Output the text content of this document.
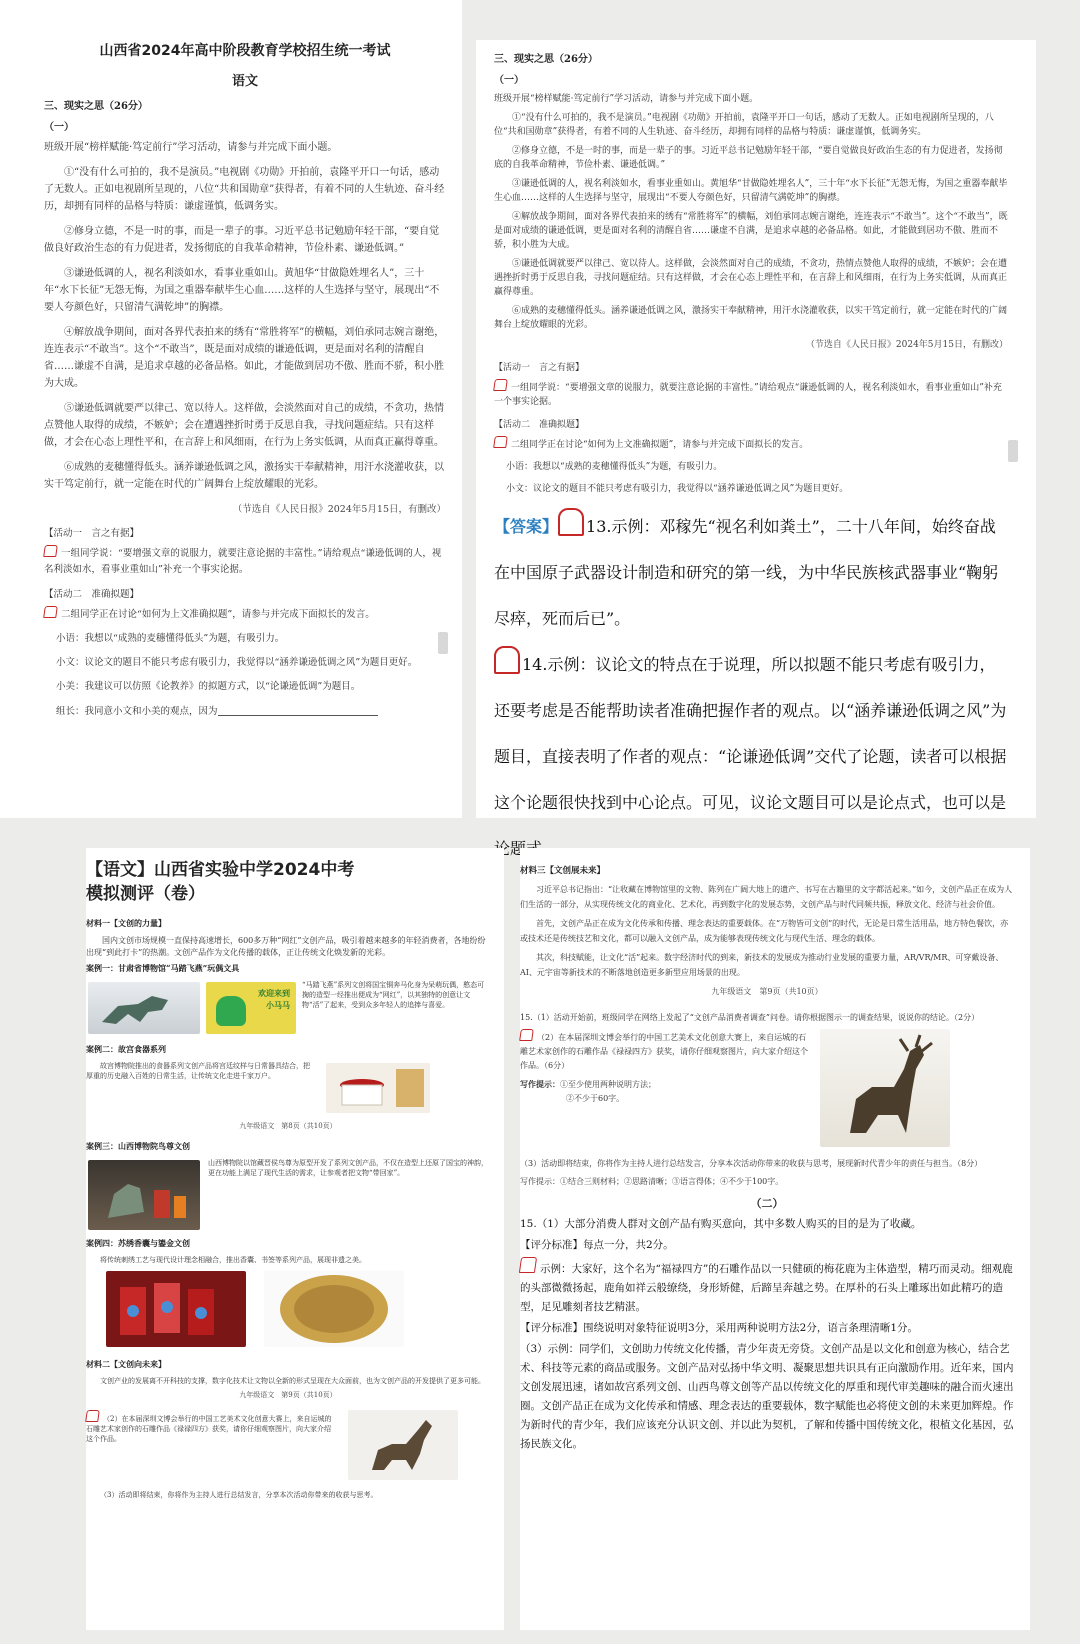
山西省2024年高中阶段教育学校招生统一考试
语文
三、现实之思（26分）
（一）

班级开展“榜样赋能·笃定前行”学习活动，请参与并完成下面小题。

①“没有什么可拍的，我不是演员。”电视剧《功勋》开拍前，袁隆平开口一句话，感动了无数人。正如电视剧所呈现的，八位“共和国勋章”获得者，有着不同的人生轨迹、奋斗经历，却拥有同样的品格与特质：谦虚谨慎，低调务实。

②修身立德，不是一时的事，而是一辈子的事。习近平总书记勉励年轻干部，“要自觉做良好政治生态的有力促进者，发扬彻底的自我革命精神，节俭朴素、谦逊低调。”

③谦逊低调的人，视名利淡如水，看事业重如山。黄旭华“甘做隐姓埋名人”，三十年“水下长征”无怨无悔，为国之重器奉献毕生心血……这样的人生选择与坚守，展现出“不要人夸颜色好，只留清气满乾坤”的胸襟。

④解放战争期间，面对各界代表拍来的绣有“常胜将军”的横幅，刘伯承同志婉言谢绝，连连表示“不敢当”。这个“不敢当”，既是面对成绩的谦逊低调，更是面对名利的清醒自省……谦虚不自满，是追求卓越的必备品格。如此，才能做到居功不傲、胜而不骄，积小胜为大成。

⑤谦逊低调就要严以律己、宽以待人。这样做，会淡然面对自己的成绩，不贪功，热情点赞他人取得的成绩，不嫉妒；会在遭遇挫折时勇于反思自我，寻找问题症结。只有这样做，才会在心态上理性平和，在言辞上和风细雨，在行为上务实低调，从而真正赢得尊重。

⑥成熟的麦穗懂得低头。涵养谦逊低调之风，激扬实干奉献精神，用汗水浇灌收获，以实干笃定前行，就一定能在时代的广阔舞台上绽放耀眼的光彩。

（节选自《人民日报》2024年5月15日，有删改）
【活动一　言之有据】
一组同学说：“要增强文章的说服力，就要注意论据的丰富性。”请给观点“谦逊低调的人，视名利淡如水，看事业重如山”补充一个事实论据。
【活动二　准确拟题】
二组同学正在讨论“如何为上文准确拟题”，请参与并完成下面拟长的发言。
小语：我想以“成熟的麦穗懂得低头”为题，有吸引力。
小文：议论文的题目不能只考虑有吸引力，我觉得以“涵养谦逊低调之风”为题目更好。
小美：我建议可以仿照《论教养》的拟题方式，以“论谦逊低调”为题目。
组长：我同意小文和小美的观点，因为
三、现实之思（26分）
（一）

班级开展“榜样赋能·笃定前行”学习活动，请参与并完成下面小题。

①“没有什么可拍的，我不是演员。”电视剧《功勋》开拍前，袁隆平开口一句话，感动了无数人。正如电视剧所呈现的，八位“共和国勋章”获得者，有着不同的人生轨迹、奋斗经历，却拥有同样的品格与特质：谦虚谨慎，低调务实。

②修身立德，不是一时的事，而是一辈子的事。习近平总书记勉励年轻干部，“要自觉做良好政治生态的有力促进者，发扬彻底的自我革命精神，节俭朴素、谦逊低调。”

③谦逊低调的人，视名利淡如水，看事业重如山。黄旭华“甘做隐姓埋名人”，三十年“水下长征”无怨无悔，为国之重器奉献毕生心血……这样的人生选择与坚守，展现出“不要人夸颜色好，只留清气满乾坤”的胸襟。

④解放战争期间，面对各界代表拍来的绣有“常胜将军”的横幅，刘伯承同志婉言谢绝，连连表示“不敢当”。这个“不敢当”，既是面对成绩的谦逊低调，更是面对名利的清醒自省……谦虚不自满，是追求卓越的必备品格。如此，才能做到居功不傲、胜而不骄，积小胜为大成。

⑤谦逊低调就要严以律己、宽以待人。这样做，会淡然面对自己的成绩，不贪功，热情点赞他人取得的成绩，不嫉妒；会在遭遇挫折时勇于反思自我，寻找问题症结。只有这样做，才会在心态上理性平和，在言辞上和风细雨，在行为上务实低调，从而真正赢得尊重。

⑥成熟的麦穗懂得低头。涵养谦逊低调之风，激扬实干奉献精神，用汗水浇灌收获，以实干笃定前行，就一定能在时代的广阔舞台上绽放耀眼的光彩。

（节选自《人民日报》2024年5月15日，有删改）
【活动一　言之有据】
一组同学说：“要增强文章的说服力，就要注意论据的丰富性。”请给观点“谦逊低调的人，视名利淡如水，看事业重如山”补充一个事实论据。
【活动二　准确拟题】
二组同学正在讨论“如何为上文准确拟题”，请参与并完成下面拟长的发言。
小语：我想以“成熟的麦穗懂得低头”为题，有吸引力。
小文：议论文的题目不能只考虑有吸引力，我觉得以“涵养谦逊低调之风”为题目更好。
【答案】 13.示例：邓稼先“视名利如粪土”，二十八年间，始终奋战在中国原子武器设计制造和研究的第一线，为中华民族核武器事业“鞠躬尽瘁，死而后已”。
14.示例：议论文的特点在于说理，所以拟题不能只考虑有吸引力，还要考虑是否能帮助读者准确把握作者的观点。以“涵养谦逊低调之风”为题目，直接表明了作者的观点：“论谦逊低调”交代了论题，读者可以根据这个论题很快找到中心论点。可见，议论文题目可以是论点式，也可以是 题
【语文】山西省实验中学2024中考
模拟测评（卷）
材料一【文创的力量】

国内文创市场规模一直保持高速增长，600多万种“网红”文创产品，吸引着越来越多的年轻消费者，各地纷纷出现“到此打卡”的热潮。文创产品作为文化传播的载体，正让传统文化焕发新的光彩。

案例一：甘肃省博物馆“马踏飞燕”玩偶文具
欢迎来到
小马马

“马踏飞燕”系列文创将国宝铜奔马化身为呆萌玩偶，憨态可掬的造型一经推出便成为“网红”，以其独特的创意让文物“活”了起来，受到众多年轻人的追捧与喜爱。

案例二：故宫食器系列

故宫博物院推出的食器系列文创产品将宫廷纹样与日常器具结合，把厚重的历史融入百姓的日常生活，让传统文化走进千家万户。

九年级语文　第8页（共10页）
案例三：山西博物院鸟尊文创

山西博物院以馆藏晋侯鸟尊为原型开发了系列文创产品，不仅在造型上还原了国宝的神韵，更在功能上满足了现代生活的需求，让参观者把文物“带回家”。

案例四：苏绣香囊与鎏金文创

将传统刺绣工艺与现代设计理念相融合，推出香囊、书签等系列产品，展现非遗之美。

材料二【文创向未来】

文创产业的发展离不开科技的支撑，数字化技术让文物以全新的形式呈现在大众面前，也为文创产品的开发提供了更多可能。

九年级语文　第9页（共10页）

（2）在本届深圳文博会举行的中国工艺美术文化创意大赛上，来自运城的石雕艺术家创作的石雕作品《禄禄四方》获奖，请你仔细观察图片，向大家介绍这个作品。

（3）活动即将结束，你将作为主持人进行总结发言，分享本次活动你带来的收获与思考。

材料三【文创展未来】

习近平总书记指出：“让收藏在博物馆里的文物、陈列在广阔大地上的遗产、书写在古籍里的文字都活起来。”如今，文创产品正在成为人们生活的一部分，从实现传统文化的商业化、艺术化，再到数字化的发展态势，文创产品与时代同频共振，释放文化、经济与社会价值。

首先，文创产品正在成为文化传承和传播、理念表达的重要载体。在“万物皆可文创”的时代，无论是日常生活用品，地方特色餐饮，亦或技术还是传统技艺和文化，都可以融入文创产品，成为能够表现传统文化与现代生活、理念的载体。

其次，科技赋能，让文化“活”起来。数字经济时代的到来，新技术的发展成为推动行业发展的重要力量，AR/VR/MR、可穿戴设备、AI、元宇宙等新技术的不断落地创造更多新型应用场景的出现。

九年级语文　第9页（共10页）

15.（1）活动开始前，班级同学在网络上发起了“文创产品消费者调查”问卷。请你根据图示一的调查结果，说说你的结论。（2分）

（2）在本届深圳文博会举行的中国工艺美术文化创意大赛上，来自运城的石雕艺术家创作的石雕作品《禄禄四方》获奖，请你仔细观察图片，向大家介绍这个作品。（6分）
写作提示：①至少使用两种说明方法；
②不少于60字。

（3）活动即将结束，你将作为主持人进行总结发言，分享本次活动你带来的收获与思考，展现新时代青少年的责任与担当。（8分）

写作提示：①结合三则材料；②思路清晰；③语言得体；④不少于100字。

（二）

15.（1）大部分消费人群对文创产品有购买意向，其中多数人购买的目的是为了收藏。

【评分标准】每点一分，共2分。

示例：大家好，这个名为“福禄四方”的石雕作品以一只健硕的梅花鹿为主体造型，精巧而灵动。细观鹿的头部微微扬起，鹿角如祥云般缭绕，身形矫健，后蹄呈奔越之势。在厚朴的石头上雕琢出如此精巧的造型，足见雕刻者技艺精湛。

【评分标准】围绕说明对象特征说明3分，采用两种说明方法2分，语言条理清晰1分。

（3）示例：同学们，文创助力传统文化传播，青少年责无旁贷。文创产品是以文化和创意为核心，结合艺术、科技等元素的商品或服务。文创产品对弘扬中华文明、凝聚思想共识具有正向激励作用。近年来，国内文创发展迅速，诸如故宫系列文创、山西鸟尊文创等产品以传统文化的厚重和现代审美趣味的融合而火速出圈。文创产品正在成为文化传承和情感、理念表达的重要载体，数字赋能也必将使文创的未来更加辉煌。作为新时代的青少年，我们应该充分认识文创、并以此为契机，了解和传播中国传统文化，根植文化基因，弘扬民族文化。
